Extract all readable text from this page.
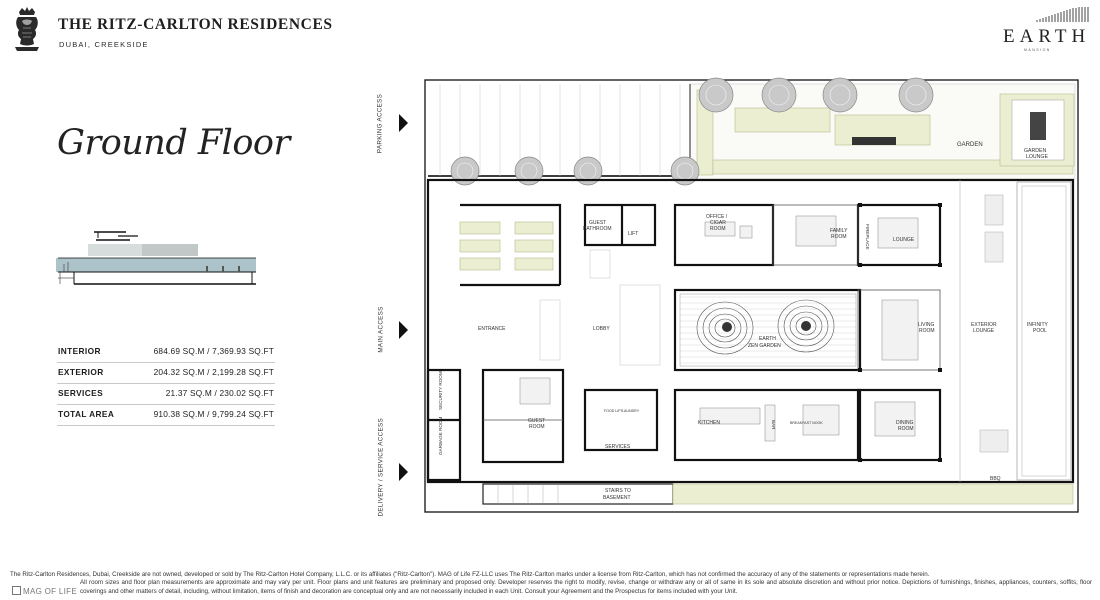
THE RITZ-CARLTON RESIDENCES
DUBAI, CREEKSIDE	EARTH
MANSION
Ground Floor
INTERIOR	684.69 SQ.M / 7,369.93 SQ.FT
EXTERIOR	204.32 SQ.M / 2,199.28 SQ.FT
SERVICES	21.37 SQ.M / 230.02 SQ.FT
TOTAL AREA	910.38 SQ.M / 9,799.24 SQ.FT
PARKING ACCESS
MAIN ACCESS
DELIVERY / SERVICE ACCESS
GARDEN
GARDEN
LOUNGE
GUEST
BATHROOM
LIFT
OFFICE /
CIGAR
ROOM	FAMILY
ROOM	LOUNGE
ENTRANCE	LOBBY
EARTH
ZEN GARDEN
LIVING
ROOM
EXTERIOR
LOUNGE
INFINITY
POOL
GUEST
ROOM
SERVICES
KITCHEN	DINING
ROOM
BBQ
STAIRS TO
BASEMENT
FOOD LIFT LAUNDRY
BREAKFAST NOOK
FIREPLACE
BAR
SECURITY ROOM
GARBAGE ROOM

The Ritz-Carlton Residences, Dubai, Creekside are not owned, developed or sold by The Ritz-Carlton Hotel Company, L.L.C. or its affiliates ("Ritz-Carlton"). MAG of Life FZ-LLC uses The Ritz-Carlton marks under a license from Ritz-Carlton, which has not confirmed the accuracy of any of the statements or representations made herein.

All room sizes and floor plan measurements are approximate and may vary per unit. Floor plans and unit features are preliminary and proposed only. Developer reserves the right to modify, revise, change or withdraw any or all of same in its sole and absolute discretion and without prior notice. Depictions of furnishings, finishes, appliances, counters, soffits, floor coverings and other matters of detail, including, without limitation, items of finish and decoration are conceptual only and are not necessarily included in each Unit. Consult your Agreement and the Prospectus for items included with your Unit.

MAG OF LIFE
